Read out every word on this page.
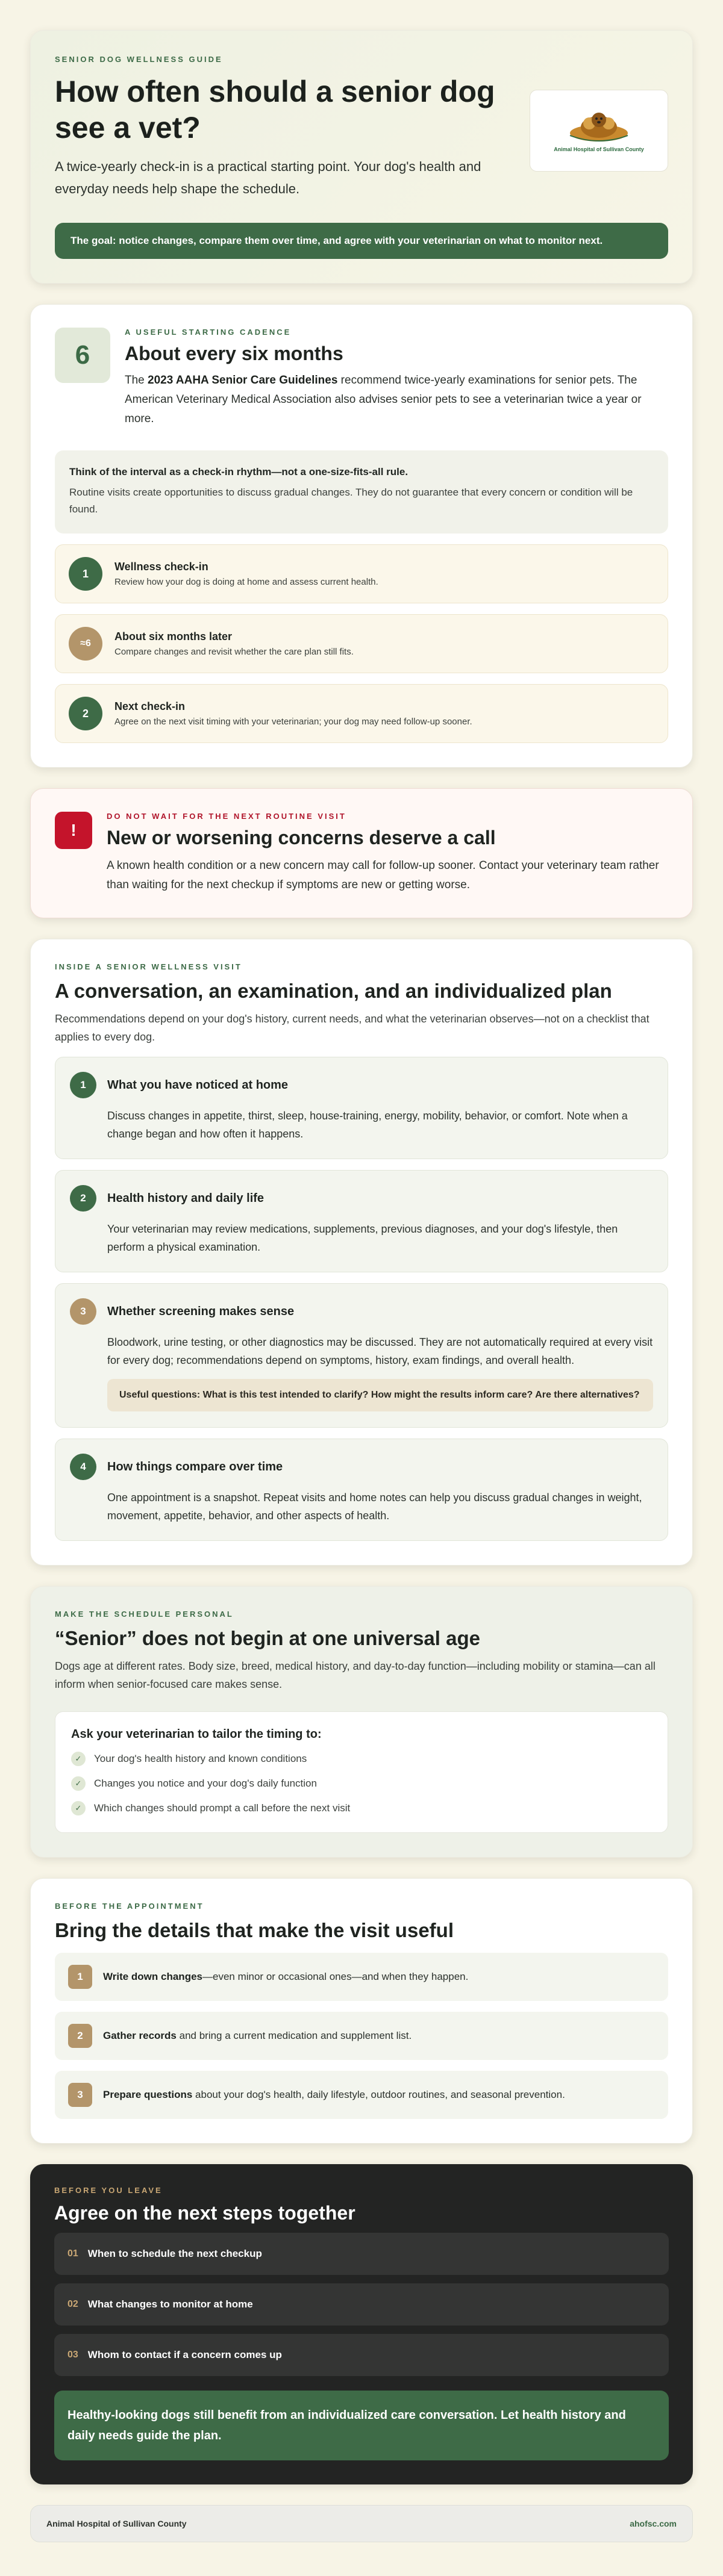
SENIOR DOG WELLNESS GUIDE
How often should a senior dog see a vet?

A twice-yearly check-in is a practical starting point. Your dog's health and everyday needs help shape the schedule.

Animal Hospital of Sullivan County
The goal: notice changes, compare them over time, and agree with your veterinarian on what to monitor next.
6
A USEFUL STARTING CADENCE
About every six months

The 2023 AAHA Senior Care Guidelines recommend twice-yearly examinations for senior pets. The American Veterinary Medical Association also advises senior pets to see a veterinarian twice a year or more.

Think of the interval as a check-in rhythm—not a one-size-fits-all rule.
Routine visits create opportunities to discuss gradual changes. They do not guarantee that every concern or condition will be found.
1
Wellness check-in
Review how your dog is doing at home and assess current health.
≈6
About six months later
Compare changes and revisit whether the care plan still fits.
2
Next check-in
Agree on the next visit timing with your veterinarian; your dog may need follow-up sooner.
!
DO NOT WAIT FOR THE NEXT ROUTINE VISIT
New or worsening concerns deserve a call

A known health condition or a new concern may call for follow-up sooner. Contact your veterinary team rather than waiting for the next checkup if symptoms are new or getting worse.

INSIDE A SENIOR WELLNESS VISIT
A conversation, an examination, and an individualized plan

Recommendations depend on your dog's history, current needs, and what the veterinarian observes—not on a checklist that applies to every dog.

1	What you have noticed at home
Discuss changes in appetite, thirst, sleep, house-training, energy, mobility, behavior, or comfort. Note when a change began and how often it happens.
2	Health history and daily life
Your veterinarian may review medications, supplements, previous diagnoses, and your dog's lifestyle, then perform a physical examination.
3	Whether screening makes sense
Bloodwork, urine testing, or other diagnostics may be discussed. They are not automatically required at every visit for every dog; recommendations depend on symptoms, history, exam findings, and overall health.
Useful questions: What is this test intended to clarify? How might the results inform care? Are there alternatives?
4	How things compare over time
One appointment is a snapshot. Repeat visits and home notes can help you discuss gradual changes in weight, movement, appetite, behavior, and other aspects of health.
MAKE THE SCHEDULE PERSONAL
“Senior” does not begin at one universal age

Dogs age at different rates. Body size, breed, medical history, and day-to-day function—including mobility or stamina—can all inform when senior-focused care makes sense.

Ask your veterinarian to tailor the timing to:
✓	Your dog's health history and known conditions
✓	Changes you notice and your dog's daily function
✓	Which changes should prompt a call before the next visit
BEFORE THE APPOINTMENT
Bring the details that make the visit useful
1	Write down changes—even minor or occasional ones—and when they happen.
2	Gather records and bring a current medication and supplement list.
3	Prepare questions about your dog's health, daily lifestyle, outdoor routines, and seasonal prevention.
BEFORE YOU LEAVE
Agree on the next steps together
01 When to schedule the next checkup
02 What changes to monitor at home
03 Whom to contact if a concern comes up
Healthy-looking dogs still benefit from an individualized care conversation. Let health history and daily needs guide the plan.
Animal Hospital of Sullivan County	ahofsc.com
